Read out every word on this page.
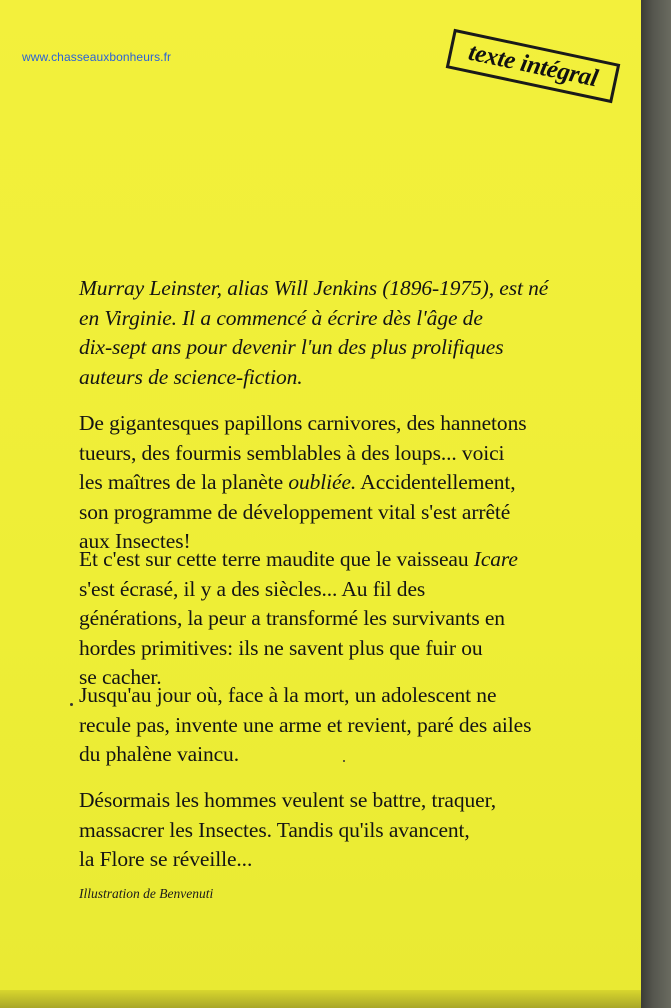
www.chasseauxbonheurs.fr	texte intégral

Murray Leinster, alias Will Jenkins (1896-1975), est né
en Virginie. Il a commencé à écrire dès l'âge de
dix-sept ans pour devenir l'un des plus prolifiques
auteurs de science-fiction.

De gigantesques papillons carnivores, des hannetons
tueurs, des fourmis semblables à des loups... voici
les maîtres de la planète oubliée. Accidentellement,
son programme de développement vital s'est arrêté
aux Insectes!

Et c'est sur cette terre maudite que le vaisseau Icare
s'est écrasé, il y a des siècles... Au fil des
générations, la peur a transformé les survivants en
hordes primitives: ils ne savent plus que fuir ou
se cacher.

Jusqu'au jour où, face à la mort, un adolescent ne
recule pas, invente une arme et revient, paré des ailes
du phalène vaincu.

Désormais les hommes veulent se battre, traquer,
massacrer les Insectes. Tandis qu'ils avancent,
la Flore se réveille...

Illustration de Benvenuti
